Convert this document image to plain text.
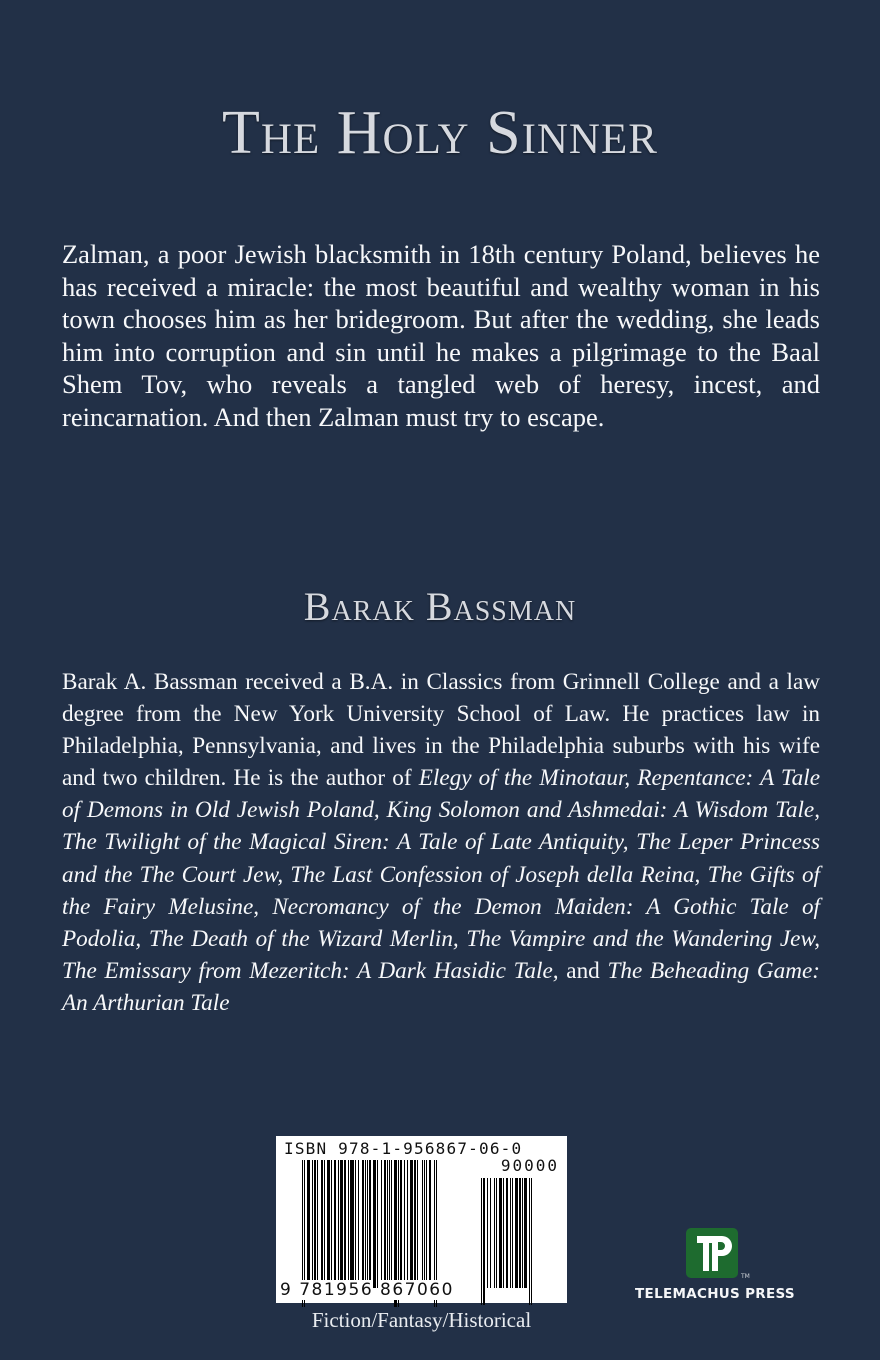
The Holy Sinner

Zalman, a poor Jewish blacksmith in 18th century Poland, believes he has received a miracle: the most beautiful and wealthy woman in his town chooses him as her bridegroom. But after the wedding, she leads him into corruption and sin until he makes a pilgrimage to the Baal Shem Tov, who reveals a tangled web of heresy, incest, and reincarnation. And then Zalman must try to escape.

Barak Bassman

Barak A. Bassman received a B.A. in Classics from Grinnell College and a law degree from the New York University School of Law. He practices law in Philadelphia, Pennsylvania, and lives in the Philadelphia suburbs with his wife and two children. He is the author of Elegy of the Minotaur, Repentance: A Tale of Demons in Old Jewish Poland, King Solomon and Ashmedai: A Wisdom Tale, The Twilight of the Magical Siren: A Tale of Late Antiquity, The Leper Princess and the The Court Jew, The Last Confession of Joseph della Reina, The Gifts of the Fairy Melusine, Necromancy of the Demon Maiden: A Gothic Tale of Podolia, The Death of the Wizard Merlin, The Vampire and the Wandering Jew, The Emissary from Mezeritch: A Dark Hasidic Tale, and The Beheading Game: An Arthurian Tale

ISBN 978-1-956867-06-0
90000
9 781956 867060
Fiction/Fantasy/Historical
TM
TELEMACHUS PRESS
